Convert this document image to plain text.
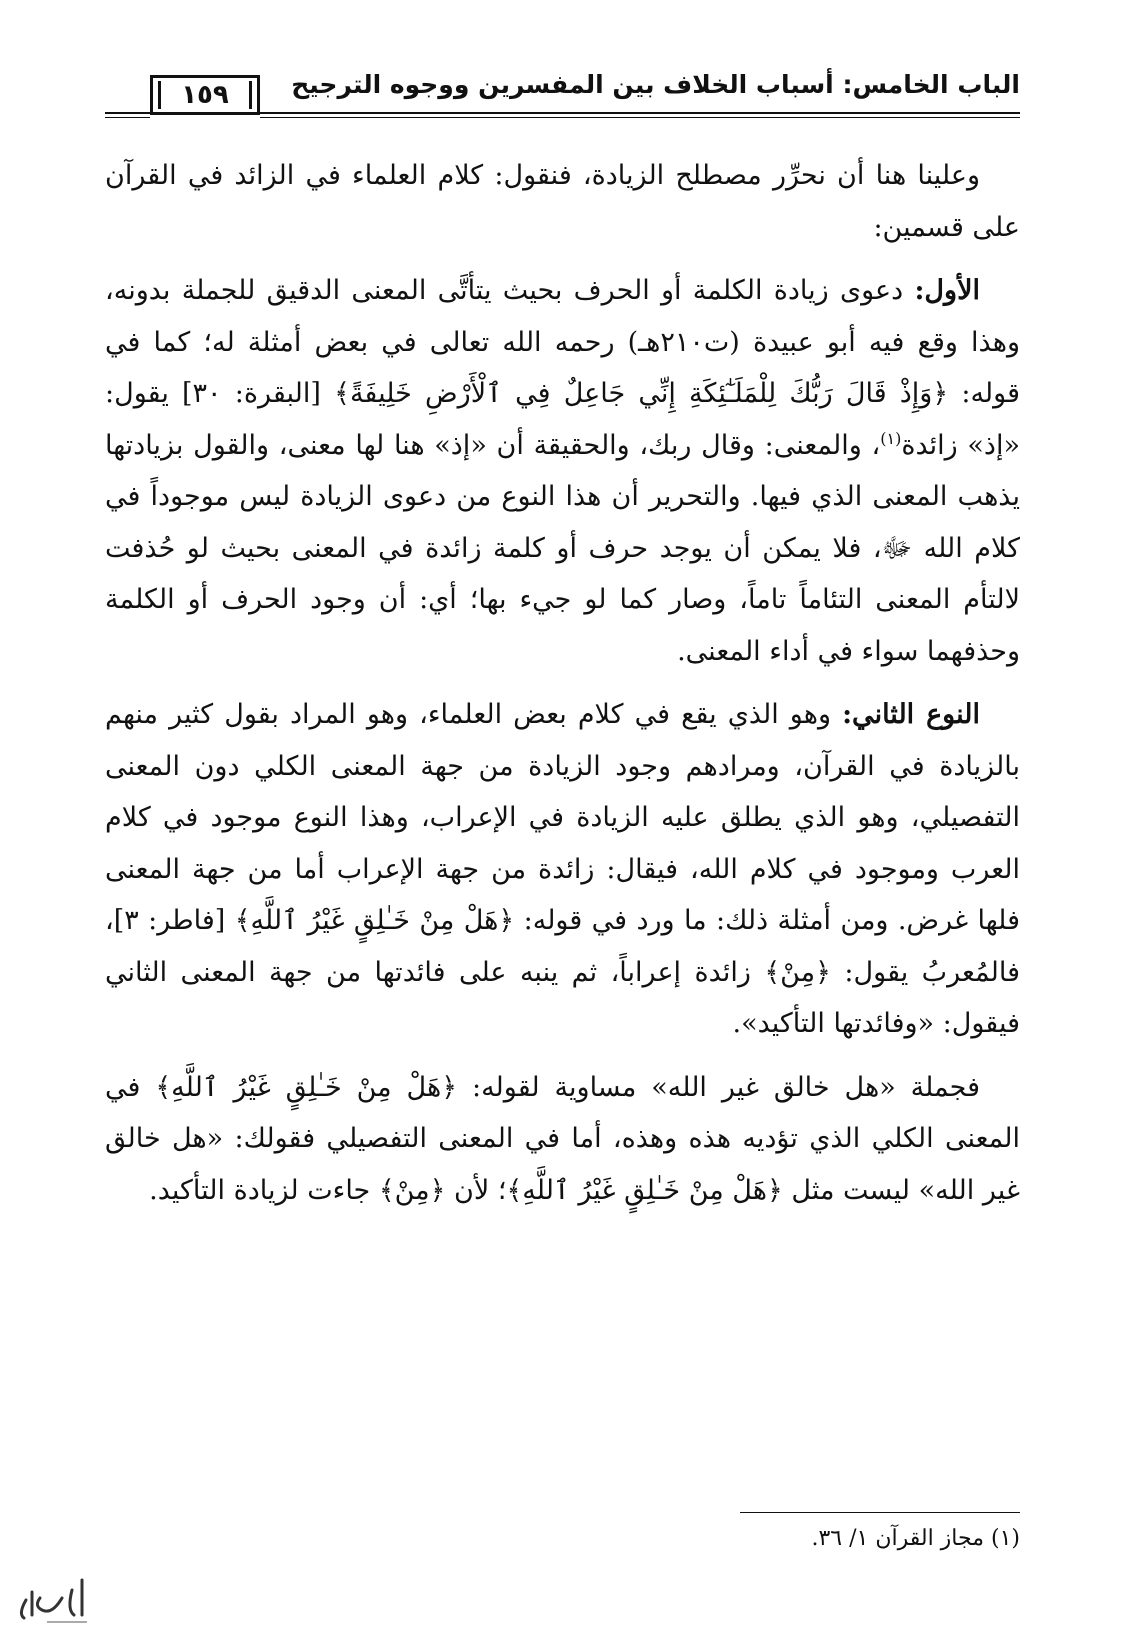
الباب الخامس: أسباب الخلاف بين المفسرين ووجوه الترجيح
١٥٩

وعلينا هنا أن نحرِّر مصطلح الزيادة، فنقول: كلام العلماء في الزائد في القرآن على قسمين:

الأول: دعوى زيادة الكلمة أو الحرف بحيث يتأتَّى المعنى الدقيق للجملة بدونه، وهذا وقع فيه أبو عبيدة (ت٢١٠هـ) رحمه الله تعالى في بعض أمثلة له؛ كما في قوله: ﴿وَإِذْ قَالَ رَبُّكَ لِلْمَلَـٰٓئِكَةِ إِنِّي جَاعِلٌ فِي ٱلْأَرْضِ خَلِيفَةً﴾ [البقرة: ٣٠] يقول: «إذ» زائدة$^{(١)}$، والمعنى: وقال ربك، والحقيقة أن «إذ» هنا لها معنى، والقول بزيادتها يذهب المعنى الذي فيها. والتحرير أن هذا النوع من دعوى الزيادة ليس موجوداً في كلام الله ﷻ، فلا يمكن أن يوجد حرف أو كلمة زائدة في المعنى بحيث لو حُذفت لالتأم المعنى التئاماً تاماً، وصار كما لو جيء بها؛ أي: أن وجود الحرف أو الكلمة وحذفهما سواء في أداء المعنى.

النوع الثاني: وهو الذي يقع في كلام بعض العلماء، وهو المراد بقول كثير منهم بالزيادة في القرآن، ومرادهم وجود الزيادة من جهة المعنى الكلي دون المعنى التفصيلي، وهو الذي يطلق عليه الزيادة في الإعراب، وهذا النوع موجود في كلام العرب وموجود في كلام الله، فيقال: زائدة من جهة الإعراب أما من جهة المعنى فلها غرض. ومن أمثلة ذلك: ما ورد في قوله: ﴿هَلْ مِنْ خَـٰلِقٍ غَيْرُ ٱللَّهِ﴾ [فاطر: ٣]، فالمُعربُ يقول: ﴿مِنْ﴾ زائدة إعراباً، ثم ينبه على فائدتها من جهة المعنى الثاني فيقول: «وفائدتها التأكيد».

فجملة «هل خالق غير الله» مساوية لقوله: ﴿هَلْ مِنْ خَـٰلِقٍ غَيْرُ ٱللَّهِ﴾ في المعنى الكلي الذي تؤديه هذه وهذه، أما في المعنى التفصيلي فقولك: «هل خالق غير الله» ليست مثل ﴿هَلْ مِنْ خَـٰلِقٍ غَيْرُ ٱللَّهِ﴾؛ لأن ﴿مِنْ﴾ جاءت لزيادة التأكيد.

(١) مجاز القرآن ١/ ٣٦.
